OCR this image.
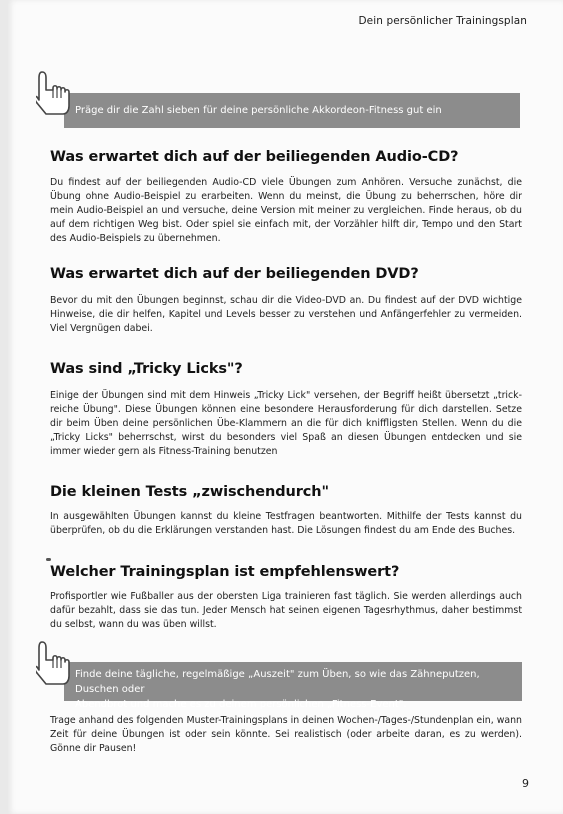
Dein persönlicher Trainingsplan
Präge dir die Zahl sieben für deine persönliche Akkordeon-Fitness gut ein
Was erwartet dich auf der beiliegenden Audio-CD?

Du findest auf der beiliegenden Audio-CD viele Übungen zum Anhören. Versuche zunächst, die Übung ohne Audio-Beispiel zu erarbeiten. Wenn du meinst, die Übung zu beherrschen, höre dir mein Audio-Beispiel an und versuche, deine Version mit meiner zu vergleichen. Finde heraus, ob du auf dem richtigen Weg bist. Oder spiel sie einfach mit, der Vorzähler hilft dir, Tempo und den Start des Audio-Beispiels zu übernehmen.

Was erwartet dich auf der beiliegenden DVD?

Bevor du mit den Übungen beginnst, schau dir die Video-DVD an. Du findest auf der DVD wichtige Hinweise, die dir helfen, Kapitel und Levels besser zu verstehen und Anfängerfehler zu vermeiden. Viel Vergnügen dabei.

Was sind „Tricky Licks"?

Einige der Übungen sind mit dem Hinweis „Tricky Lick" versehen, der Begriff heißt übersetzt „trick-reiche Übung". Diese Übungen können eine besondere Herausforderung für dich darstellen. Setze dir beim Üben deine persönlichen Übe-Klammern an die für dich kniffligsten Stellen. Wenn du die „Tricky Licks" beherrschst, wirst du besonders viel Spaß an diesen Übungen entdecken und sie immer wieder gern als Fitness-Training benutzen

Die kleinen Tests „zwischendurch"

In ausgewählten Übungen kannst du kleine Testfragen beantworten. Mithilfe der Tests kannst du überprüfen, ob du die Erklärungen verstanden hast. Die Lösungen findest du am Ende des Buches.

Welcher Trainingsplan ist empfehlenswert?

Profisportler wie Fußballer aus der obersten Liga trainieren fast täglich. Sie werden allerdings auch dafür bezahlt, dass sie das tun. Jeder Mensch hat seinen eigenen Tagesrhythmus, daher bestimmst du selbst, wann du was üben willst.

Finde deine tägliche, regelmäßige „Auszeit" zum Üben, so wie das Zähneputzen, Duschen oder
Abendbrot und mache es zu deinem persönlichen „Fitness-Event".

Trage anhand des folgenden Muster-Trainingsplans in deinen Wochen-/Tages-/Stundenplan ein, wann Zeit für deine Übungen ist oder sein könnte. Sei realistisch (oder arbeite daran, es zu werden). Gönne dir Pausen!

9
